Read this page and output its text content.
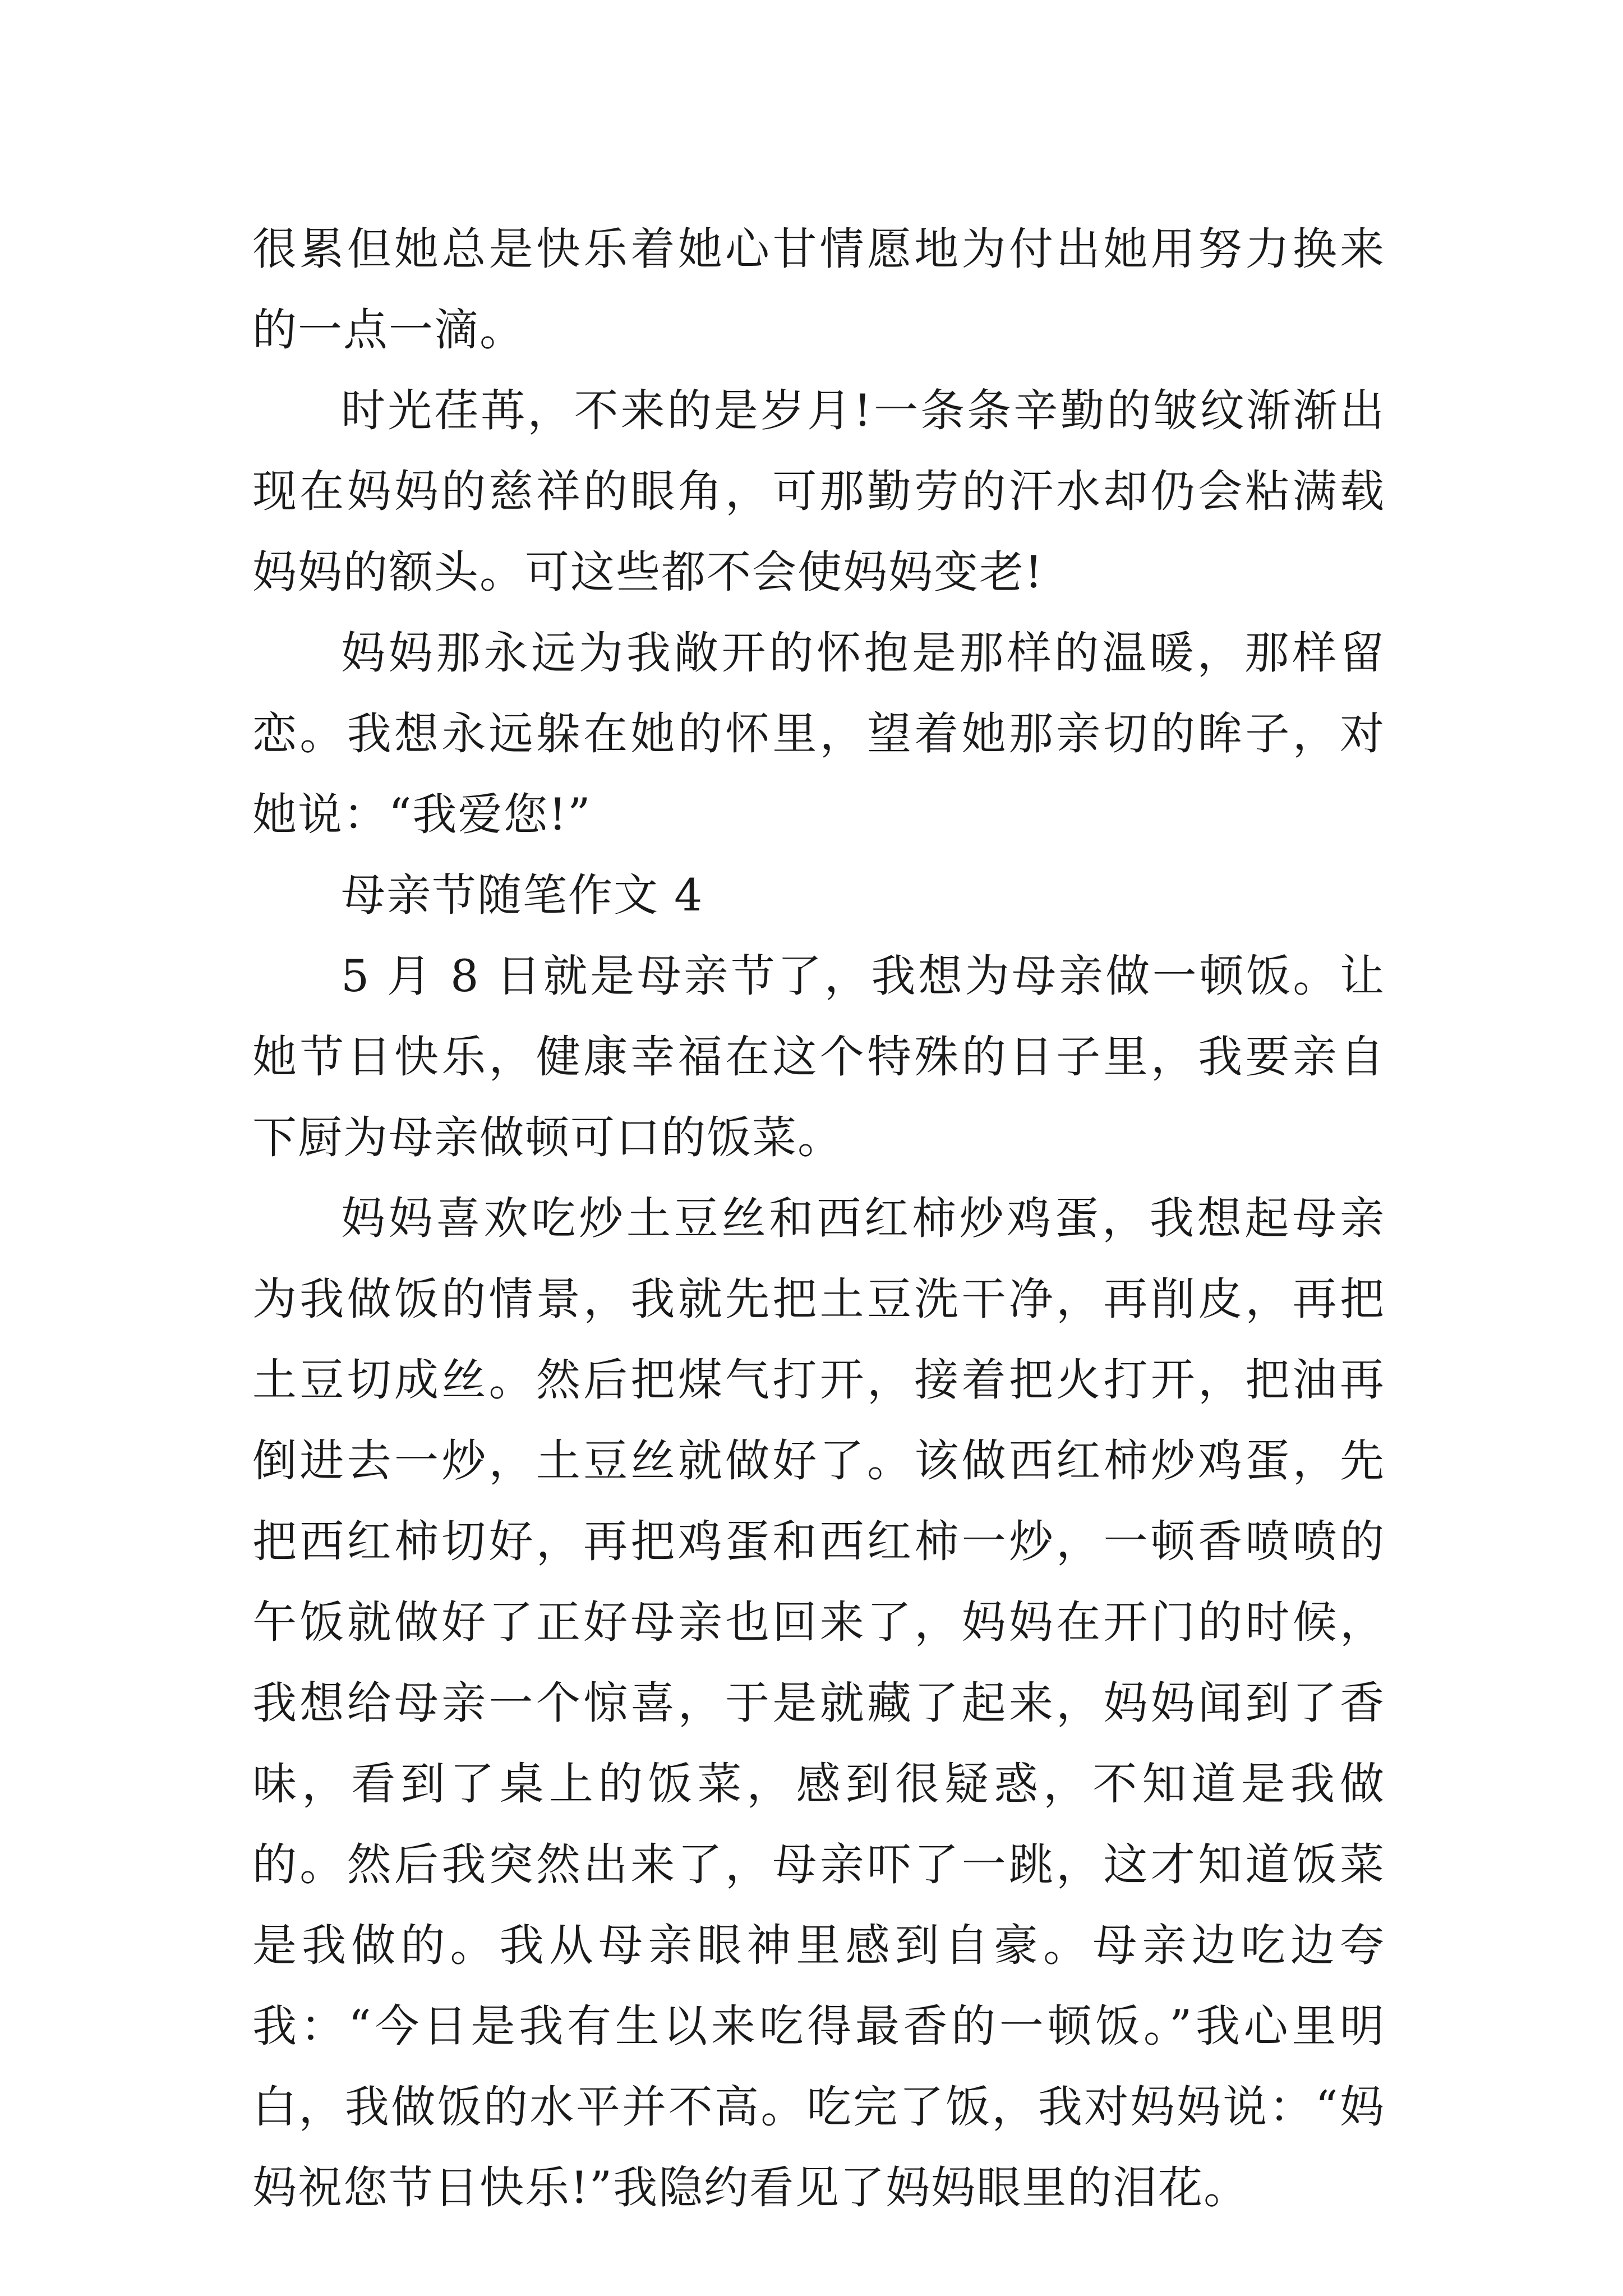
很累但她总是快乐着她心甘情愿地为付出她用努力换来的一点一滴。

时光荏苒，不来的是岁月!一条条辛勤的皱纹渐渐出现在妈妈的慈祥的眼角，可那勤劳的汗水却仍会粘满载妈妈的额头。可这些都不会使妈妈变老!

妈妈那永远为我敞开的怀抱是那样的温暖，那样留恋。我想永远躲在她的怀里，望着她那亲切的眸子，对她说：“我爱您!”

母亲节随笔作文 4

5 月 8 日就是母亲节了，我想为母亲做一顿饭。让她节日快乐，健康幸福在这个特殊的日子里，我要亲自下厨为母亲做顿可口的饭菜。

妈妈喜欢吃炒土豆丝和西红柿炒鸡蛋，我想起母亲为我做饭的情景，我就先把土豆洗干净，再削皮，再把土豆切成丝。然后把煤气打开，接着把火打开，把油再倒进去一炒，土豆丝就做好了。该做西红柿炒鸡蛋，先把西红柿切好，再把鸡蛋和西红柿一炒，一顿香喷喷的午饭就做好了正好母亲也回来了，妈妈在开门的时候，我想给母亲一个惊喜，于是就藏了起来，妈妈闻到了香味，看到了桌上的饭菜，感到很疑惑，不知道是我做的。然后我突然出来了，母亲吓了一跳，这才知道饭菜是我做的。我从母亲眼神里感到自豪。母亲边吃边夸我：“今日是我有生以来吃得最香的一顿饭。”我心里明白，我做饭的水平并不高。吃完了饭，我对妈妈说：“妈妈祝您节日快乐!”我隐约看见了妈妈眼里的泪花。
